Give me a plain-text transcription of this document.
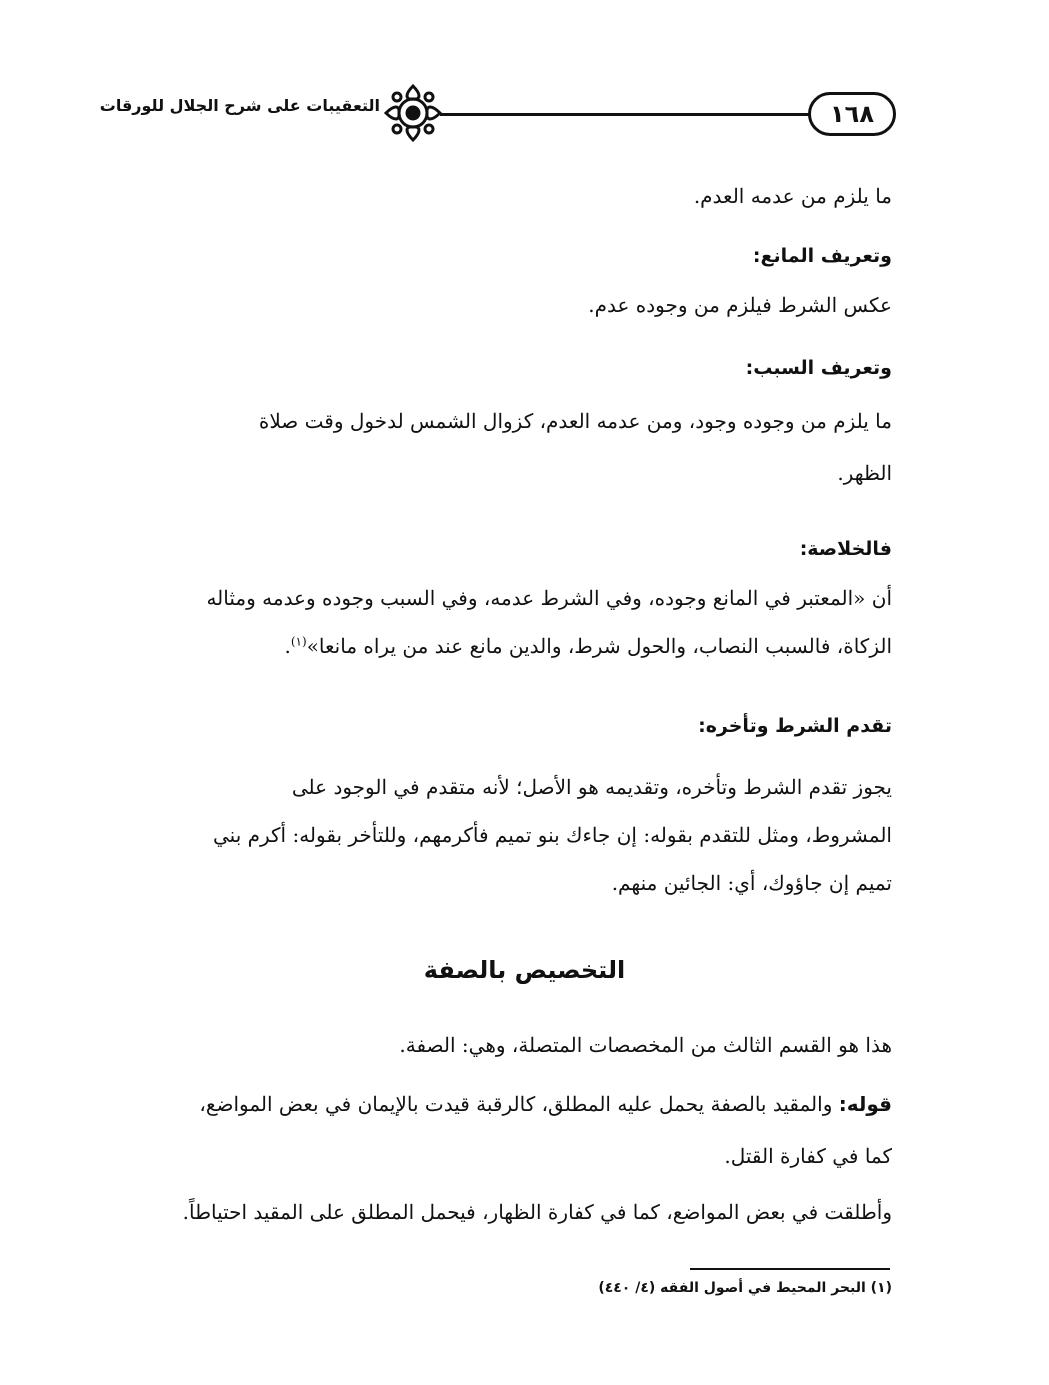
١٦٨
التعقيبات على شرح الجلال للورقات
ما يلزم من عدمه العدم.
وتعريف المانع:
عكس الشرط فيلزم من وجوده عدم.
وتعريف السبب:
ما يلزم من وجوده وجود، ومن عدمه العدم، كزوال الشمس لدخول وقت صلاة
الظهر.
فالخلاصة:
أن «المعتبر في المانع وجوده، وفي الشرط عدمه، وفي السبب وجوده وعدمه ومثاله
الزكاة، فالسبب النصاب، والحول شرط، والدين مانع عند من يراه مانعا»$^{(١)}$.
تقدم الشرط وتأخره:
يجوز تقدم الشرط وتأخره، وتقديمه هو الأصل؛ لأنه متقدم في الوجود على
المشروط، ومثل للتقدم بقوله: إن جاءك بنو تميم فأكرمهم، وللتأخر بقوله: أكرم بني
تميم إن جاؤوك، أي: الجائين منهم.
التخصيص بالصفة
هذا هو القسم الثالث من المخصصات المتصلة، وهي: الصفة.
قوله: والمقيد بالصفة يحمل عليه المطلق، كالرقبة قيدت بالإيمان في بعض المواضع،
كما في كفارة القتل.
وأطلقت في بعض المواضع، كما في كفارة الظهار، فيحمل المطلق على المقيد احتياطاً.
(١) البحر المحيط في أصول الفقه (٤/ ٤٤٠)
